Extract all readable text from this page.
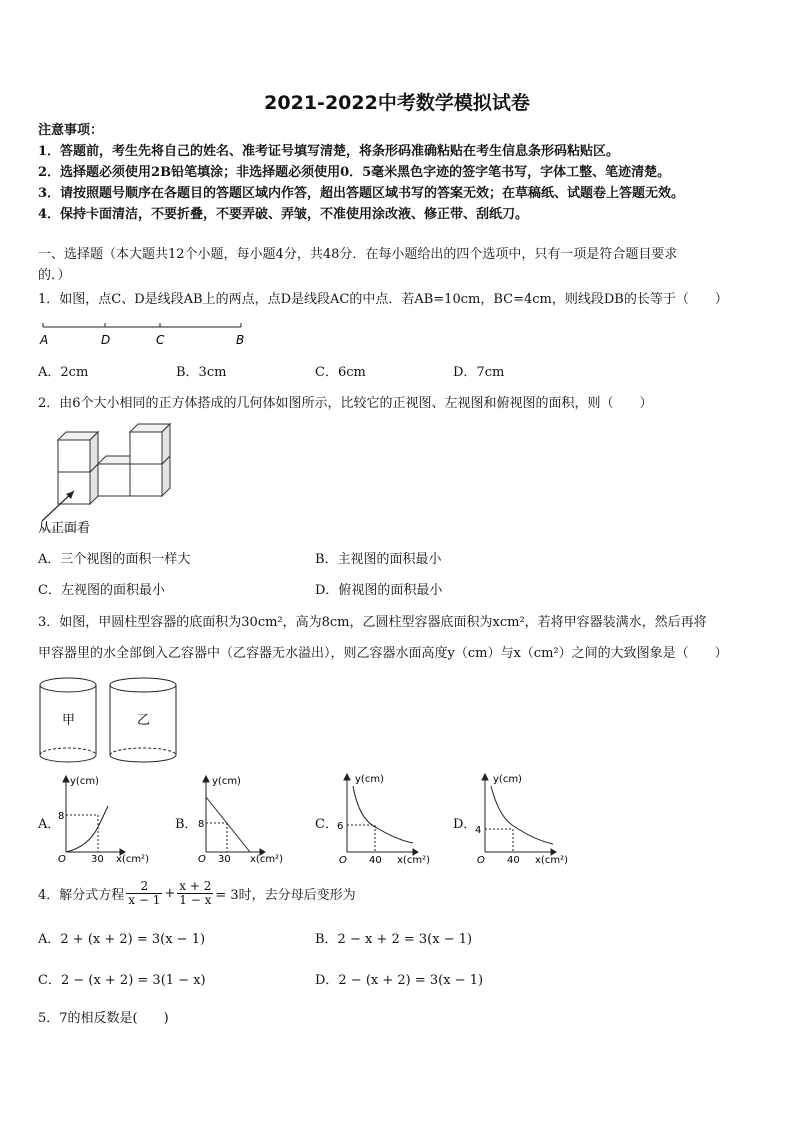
2021-2022中考数学模拟试卷
注意事项：
1．答题前，考生先将自己的姓名、准考证号填写清楚，将条形码准确粘贴在考生信息条形码粘贴区。
2．选择题必须使用2B铅笔填涂；非选择题必须使用0．5毫米黑色字迹的签字笔书写，字体工整、笔迹清楚。
3．请按照题号顺序在各题目的答题区域内作答，超出答题区域书写的答案无效；在草稿纸、试题卷上答题无效。
4．保持卡面清洁，不要折叠，不要弄破、弄皱，不准使用涂改液、修正带、刮纸刀。
一、选择题（本大题共12个小题，每小题4分，共48分．在每小题给出的四个选项中，只有一项是符合题目要求
的．）
1．如图，点C、D是线段AB上的两点，点D是线段AC的中点．若AB=10cm，BC=4cm，则线段DB的长等于（　　）
A	D	C	B
A．2cm	B．3cm	C．6cm	D．7cm
2．由6个大小相同的正方体搭成的几何体如图所示，比较它的正视图、左视图和俯视图的面积，则（　　）
从正面看
A．三个视图的面积一样大	B．主视图的面积最小
C．左视图的面积最小	D．俯视图的面积最小
3．如图，甲圆柱型容器的底面积为30cm²，高为8cm，乙圆柱型容器底面积为xcm²，若将甲容器装满水，然后再将
甲容器里的水全部倒入乙容器中（乙容器无水溢出），则乙容器水面高度y（cm）与x（cm²）之间的大致图象是（　　）
甲	乙
A．
y(cm)
8
O	30 x(cm²)
B．
y(cm)
8
O 30 x(cm²)
C．
y(cm)
6
O 40 x(cm²)
D．
y(cm)
4
O 40 x(cm²)
4．解分式方程 $\frac{2}{x - 1} + \frac{x + 2}{1 - x} = 3$时，去分母后变形为
A．2 + (x + 2) = 3(x − 1)	B．2 − x + 2 = 3(x − 1)
C．2 − (x + 2) = 3(1 − x)	D．2 − (x + 2) = 3(x − 1)
5．7的相反数是(　　)
